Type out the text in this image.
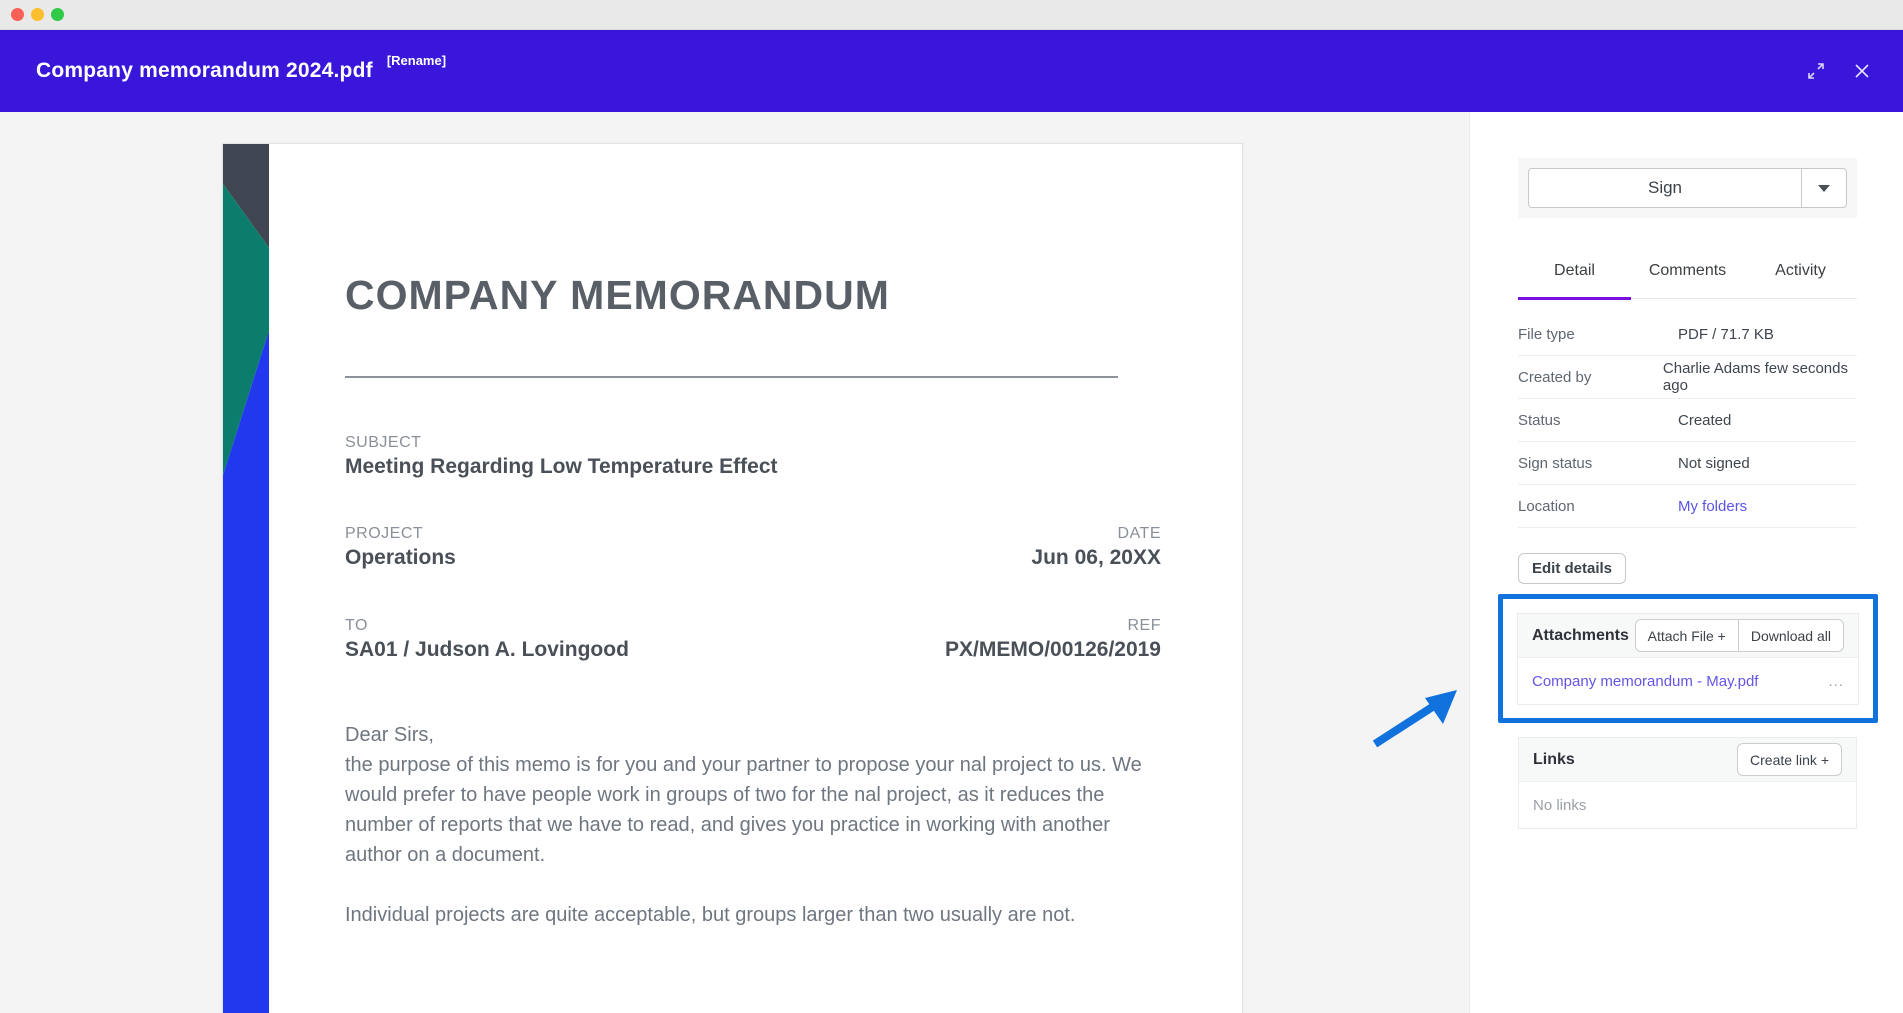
Company memorandum 2024.pdf [Rename]
COMPANY MEMORANDUM
SUBJECT
Meeting Regarding Low Temperature Effect
PROJECT
Operations
DATE
Jun 06, 20XX
TO
SA01 / Judson A. Lovingood
REF
PX/MEMO/00126/2019
Dear Sirs,

the purpose of this memo is for you and your partner to propose your nal project to us. We would prefer to have people work in groups of two for the nal project, as it reduces the number of reports that we have to read, and gives you practice in working with another author on a document.

Individual projects are quite acceptable, but groups larger than two usually are not.

Sign
Detail	Comments	Activity
File type	PDF / 71.7 KB
Created by	Charlie Adams few seconds ago
Status	Created
Sign status	Not signed
Location	My folders
Edit details
Attachments	Attach File +	Download all
Company memorandum - May.pdf	...
Links	Create link +
No links
